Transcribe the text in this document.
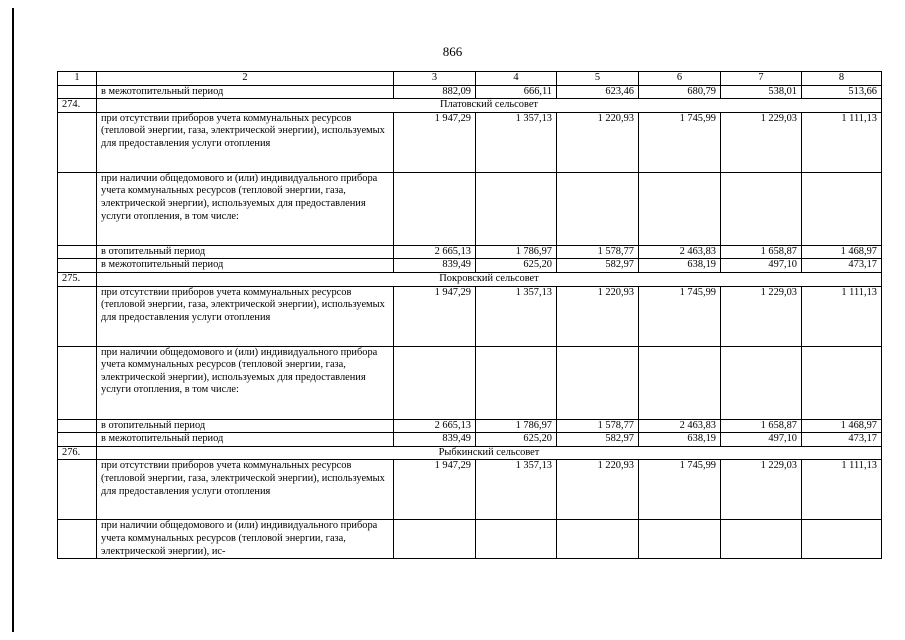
866
1	2	3	4	5	6	7	8
	в межотопительный период	882,09	666,11	623,46	680,79	538,01	513,66
274.	Платовский сельсовет						
	при отсутствии приборов учета коммунальных ресурсов (тепловой энергии, газа, электрической энергии), используемых для предоставления услуги отопления	1 947,29	1 357,13	1 220,93	1 745,99	1 229,03	1 111,13
	при наличии общедомового и (или) индивидуального прибора учета коммунальных ресурсов (тепловой энергии, газа, электрической энергии), используемых для предоставления услуги отопления, в том числе:						
	в отопительный период	2 665,13	1 786,97	1 578,77	2 463,83	1 658,87	1 468,97
	в межотопительный период	839,49	625,20	582,97	638,19	497,10	473,17
275.	Покровский сельсовет						
	при отсутствии приборов учета коммунальных ресурсов (тепловой энергии, газа, электрической энергии), используемых для предоставления услуги отопления	1 947,29	1 357,13	1 220,93	1 745,99	1 229,03	1 111,13
	при наличии общедомового и (или) индивидуального прибора учета коммунальных ресурсов (тепловой энергии, газа, электрической энергии), используемых для предоставления услуги отопления, в том числе:						
	в отопительный период	2 665,13	1 786,97	1 578,77	2 463,83	1 658,87	1 468,97
	в межотопительный период	839,49	625,20	582,97	638,19	497,10	473,17
276.	Рыбкинский сельсовет						
	при отсутствии приборов учета коммунальных ресурсов (тепловой энергии, газа, электрической энергии), используемых для предоставления услуги отопления	1 947,29	1 357,13	1 220,93	1 745,99	1 229,03	1 111,13
	при наличии общедомового и (или) индивидуального прибора учета коммунальных ресурсов (тепловой энергии, газа, электрической энергии), ис-						
